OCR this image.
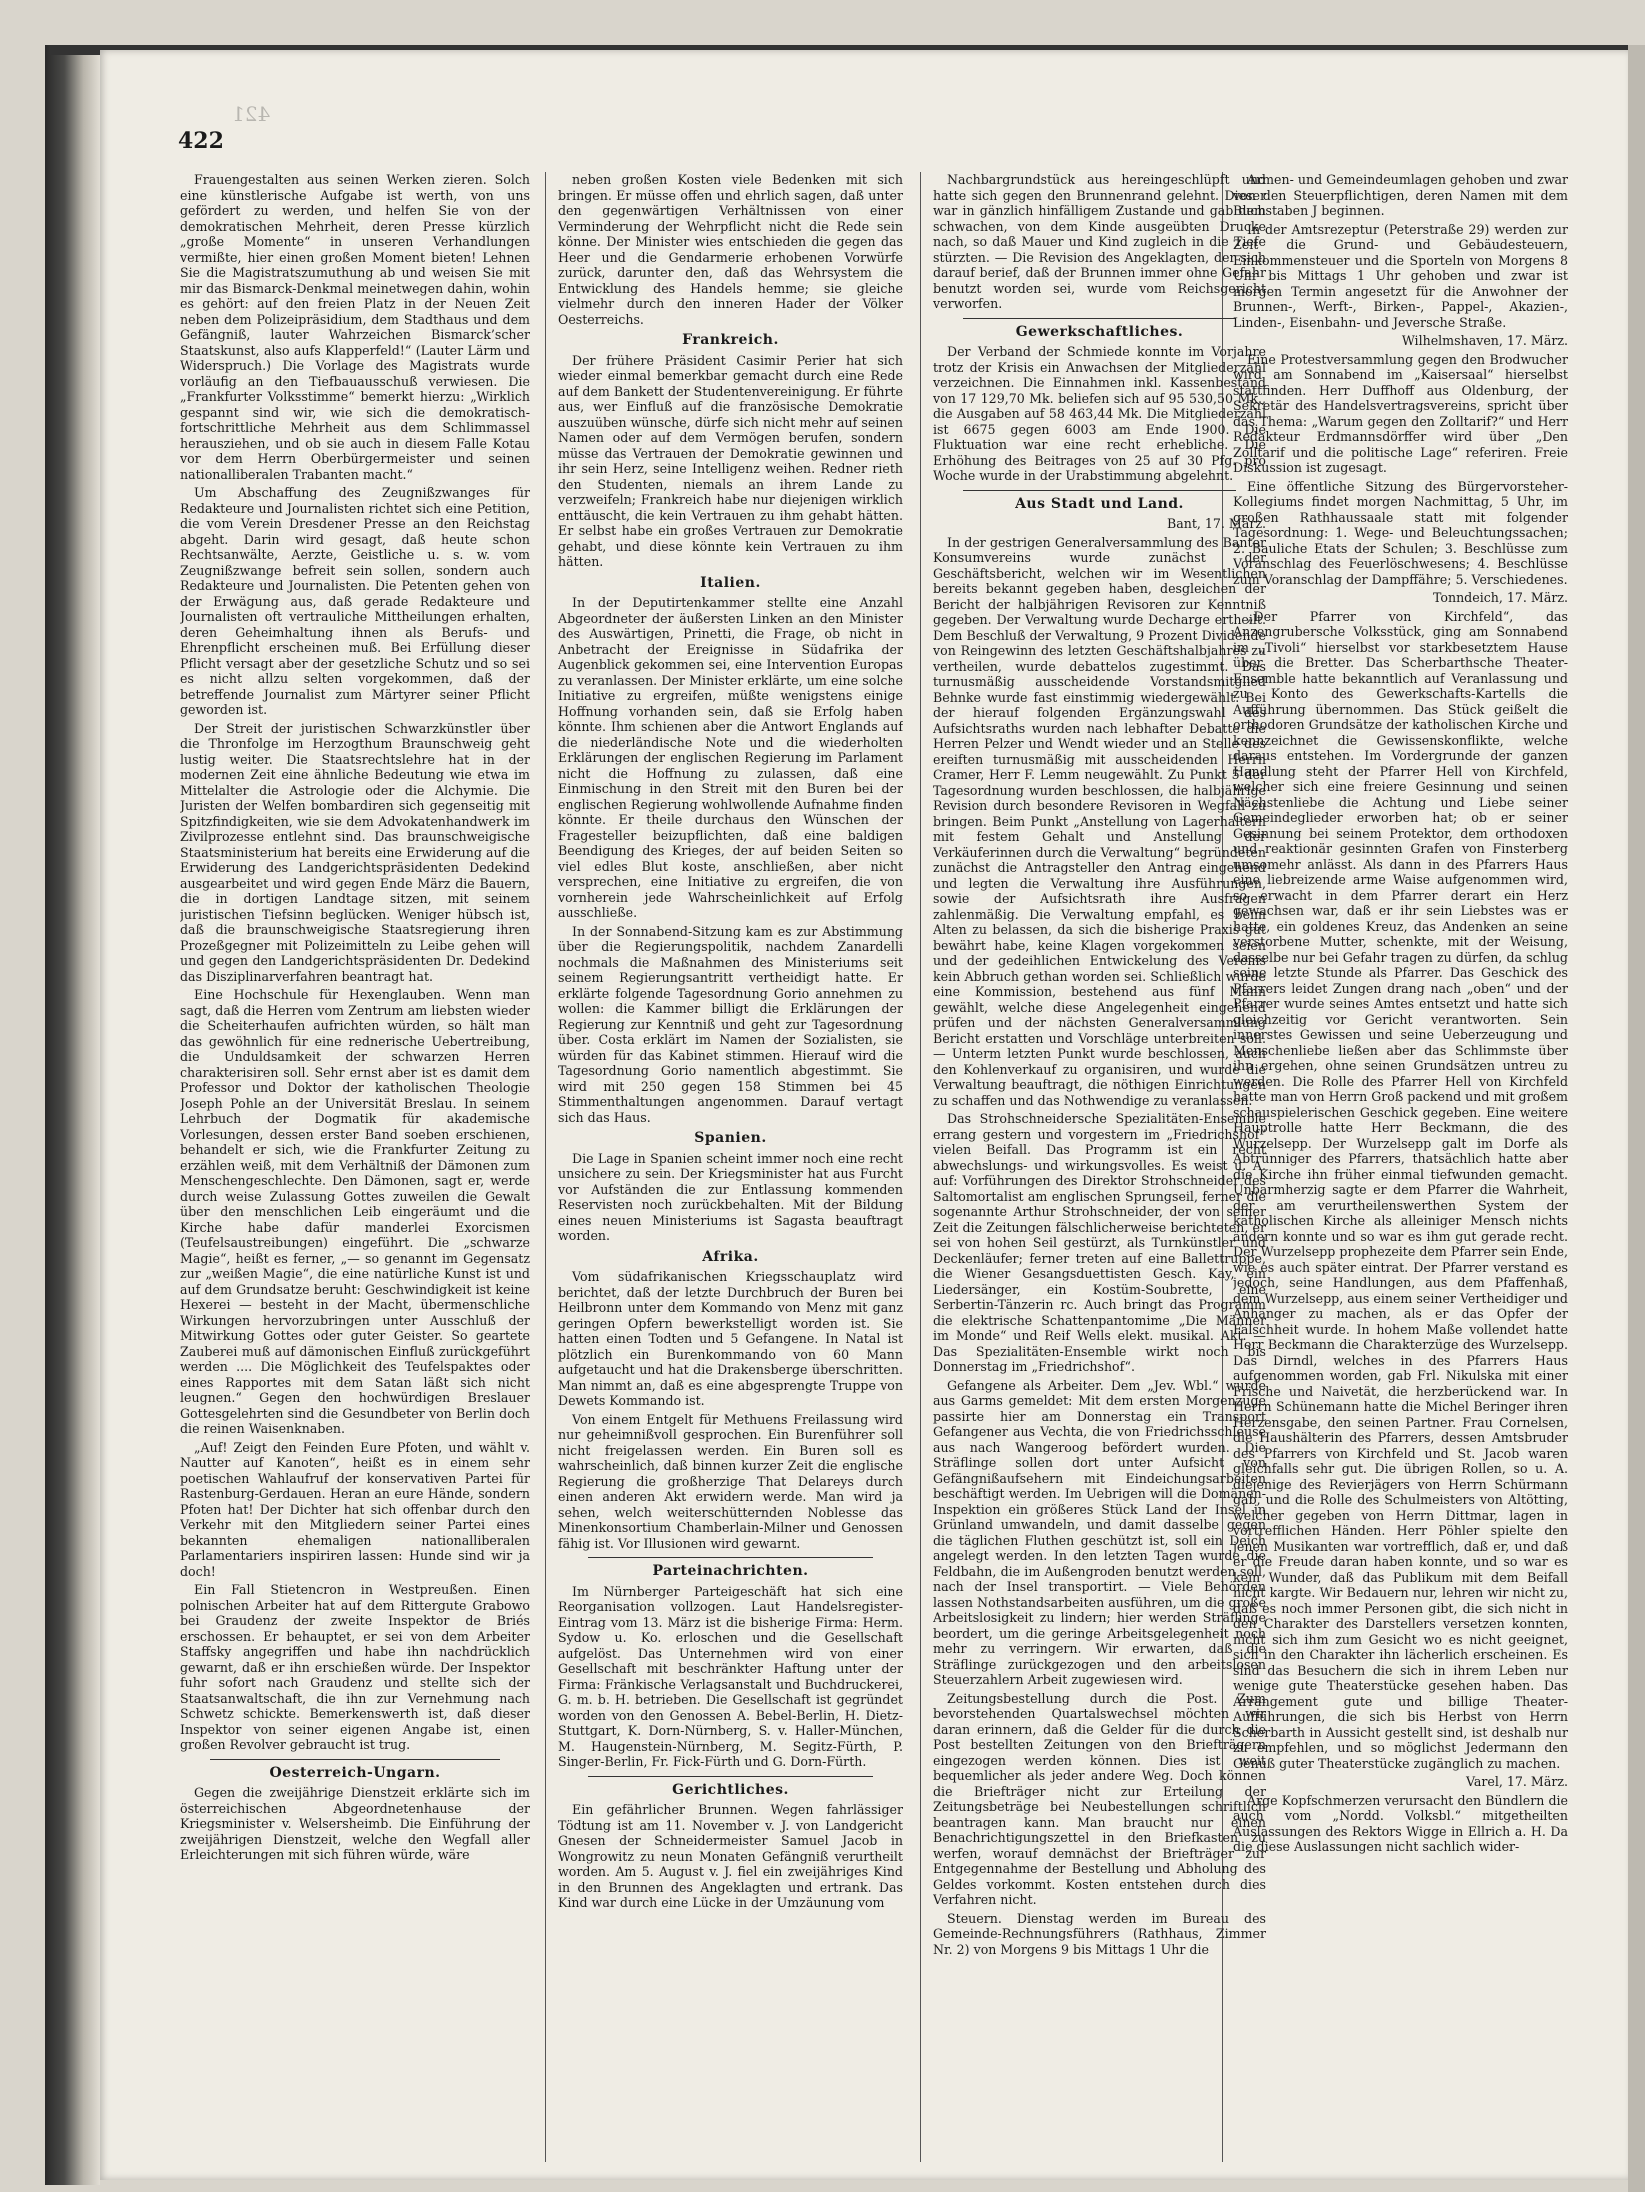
422
421

Frauengestalten aus seinen Werken zieren. Solch eine künstlerische Aufgabe ist werth, von uns gefördert zu werden, und helfen Sie von der demokratischen Mehrheit, deren Presse kürzlich „große Momente“ in unseren Verhandlungen vermißte, hier einen großen Moment bieten! Lehnen Sie die Magistratszumuthung ab und weisen Sie mit mir das Bismarck-Denkmal meinetwegen dahin, wohin es gehört: auf den freien Platz in der Neuen Zeit neben dem Polizeipräsidium, dem Stadthaus und dem Gefängniß, lauter Wahrzeichen Bismarck’scher Staatskunst, also aufs Klapperfeld!“ (Lauter Lärm und Widerspruch.) Die Vorlage des Magistrats wurde vorläufig an den Tiefbauausschuß verwiesen. Die „Frankfurter Volksstimme“ bemerkt hierzu: „Wirklich gespannt sind wir, wie sich die demokratisch-fortschrittliche Mehrheit aus dem Schlimmassel herausziehen, und ob sie auch in diesem Falle Kotau vor dem Herrn Oberbürgermeister und seinen nationalliberalen Trabanten macht.“

Um Abschaffung des Zeugnißzwanges für Redakteure und Journalisten richtet sich eine Petition, die vom Verein Dresdener Presse an den Reichstag abgeht. Darin wird gesagt, daß heute schon Rechtsanwälte, Aerzte, Geistliche u. s. w. vom Zeugnißzwange befreit sein sollen, sondern auch Redakteure und Journalisten. Die Petenten gehen von der Erwägung aus, daß gerade Redakteure und Journalisten oft vertrauliche Mittheilungen erhalten, deren Geheimhaltung ihnen als Berufs- und Ehrenpflicht erscheinen muß. Bei Erfüllung dieser Pflicht versagt aber der gesetzliche Schutz und so sei es nicht allzu selten vorgekommen, daß der betreffende Journalist zum Märtyrer seiner Pflicht geworden ist.

Der Streit der juristischen Schwarzkünstler über die Thronfolge im Herzogthum Braunschweig geht lustig weiter. Die Staatsrechtslehre hat in der modernen Zeit eine ähnliche Bedeutung wie etwa im Mittelalter die Astrologie oder die Alchymie. Die Juristen der Welfen bombardiren sich gegenseitig mit Spitzfindigkeiten, wie sie dem Advokatenhandwerk im Zivilprozesse entlehnt sind. Das braunschweigische Staatsministerium hat bereits eine Erwiderung auf die Erwiderung des Landgerichtspräsidenten Dedekind ausgearbeitet und wird gegen Ende März die Bauern, die in dortigen Landtage sitzen, mit seinem juristischen Tiefsinn beglücken. Weniger hübsch ist, daß die braunschweigische Staatsregierung ihren Prozeßgegner mit Polizeimitteln zu Leibe gehen will und gegen den Landgerichtspräsidenten Dr. Dedekind das Disziplinarverfahren beantragt hat.

Eine Hochschule für Hexenglauben. Wenn man sagt, daß die Herren vom Zentrum am liebsten wieder die Scheiterhaufen aufrichten würden, so hält man das gewöhnlich für eine rednerische Uebertreibung, die Unduldsamkeit der schwarzen Herren charakterisiren soll. Sehr ernst aber ist es damit dem Professor und Doktor der katholischen Theologie Joseph Pohle an der Universität Breslau. In seinem Lehrbuch der Dogmatik für akademische Vorlesungen, dessen erster Band soeben erschienen, behandelt er sich, wie die Frankfurter Zeitung zu erzählen weiß, mit dem Verhältniß der Dämonen zum Menschengeschlechte. Den Dämonen, sagt er, werde durch weise Zulassung Gottes zuweilen die Gewalt über den menschlichen Leib eingeräumt und die Kirche habe dafür manderlei Exorcismen (Teufelsaustreibungen) eingeführt. Die „schwarze Magie“, heißt es ferner, „— so genannt im Gegensatz zur „weißen Magie“, die eine natürliche Kunst ist und auf dem Grundsatze beruht: Geschwindigkeit ist keine Hexerei — besteht in der Macht, übermenschliche Wirkungen hervorzubringen unter Ausschluß der Mitwirkung Gottes oder guter Geister. So geartete Zauberei muß auf dämonischen Einfluß zurückgeführt werden .... Die Möglichkeit des Teufelspaktes oder eines Rapportes mit dem Satan läßt sich nicht leugnen.“ Gegen den hochwürdigen Breslauer Gottesgelehrten sind die Gesundbeter von Berlin doch die reinen Waisenknaben.

„Auf! Zeigt den Feinden Eure Pfoten, und wählt v. Nautter auf Kanoten“, heißt es in einem sehr poetischen Wahlaufruf der konservativen Partei für Rastenburg-Gerdauen. Heran an eure Hände, sondern Pfoten hat! Der Dichter hat sich offenbar durch den Verkehr mit den Mitgliedern seiner Partei eines bekannten ehemaligen nationalliberalen Parlamentariers inspiriren lassen: Hunde sind wir ja doch!

Ein Fall Stietencron in Westpreußen. Einen polnischen Arbeiter hat auf dem Rittergute Grabowo bei Graudenz der zweite Inspektor de Briés erschossen. Er behauptet, er sei von dem Arbeiter Staffsky angegriffen und habe ihn nachdrücklich gewarnt, daß er ihn erschießen würde. Der Inspektor fuhr sofort nach Graudenz und stellte sich der Staatsanwaltschaft, die ihn zur Vernehmung nach Schwetz schickte. Bemerkenswerth ist, daß dieser Inspektor von seiner eigenen Angabe ist, einen großen Revolver gebraucht ist trug.

Oesterreich-Ungarn.

Gegen die zweijährige Dienstzeit erklärte sich im österreichischen Abgeordnetenhause der Kriegsminister v. Welsersheimb. Die Einführung der zweijährigen Dienstzeit, welche den Wegfall aller Erleichterungen mit sich führen würde, wäre

neben großen Kosten viele Bedenken mit sich bringen. Er müsse offen und ehrlich sagen, daß unter den gegenwärtigen Verhältnissen von einer Verminderung der Wehrpflicht nicht die Rede sein könne. Der Minister wies entschieden die gegen das Heer und die Gendarmerie erhobenen Vorwürfe zurück, darunter den, daß das Wehrsystem die Entwicklung des Handels hemme; sie gleiche vielmehr durch den inneren Hader der Völker Oesterreichs.

Frankreich.

Der frühere Präsident Casimir Perier hat sich wieder einmal bemerkbar gemacht durch eine Rede auf dem Bankett der Studentenvereinigung. Er führte aus, wer Einfluß auf die französische Demokratie auszuüben wünsche, dürfe sich nicht mehr auf seinen Namen oder auf dem Vermögen berufen, sondern müsse das Vertrauen der Demokratie gewinnen und ihr sein Herz, seine Intelligenz weihen. Redner rieth den Studenten, niemals an ihrem Lande zu verzweifeln; Frankreich habe nur diejenigen wirklich enttäuscht, die kein Vertrauen zu ihm gehabt hätten. Er selbst habe ein großes Vertrauen zur Demokratie gehabt, und diese könnte kein Vertrauen zu ihm hätten.

Italien.

In der Deputirtenkammer stellte eine Anzahl Abgeordneter der äußersten Linken an den Minister des Auswärtigen, Prinetti, die Frage, ob nicht in Anbetracht der Ereignisse in Südafrika der Augenblick gekommen sei, eine Intervention Europas zu veranlassen. Der Minister erklärte, um eine solche Initiative zu ergreifen, müßte wenigstens einige Hoffnung vorhanden sein, daß sie Erfolg haben könnte. Ihm schienen aber die Antwort Englands auf die niederländische Note und die wiederholten Erklärungen der englischen Regierung im Parlament nicht die Hoffnung zu zulassen, daß eine Einmischung in den Streit mit den Buren bei der englischen Regierung wohlwollende Aufnahme finden könnte. Er theile durchaus den Wünschen der Fragesteller beizupflichten, daß eine baldigen Beendigung des Krieges, der auf beiden Seiten so viel edles Blut koste, anschließen, aber nicht versprechen, eine Initiative zu ergreifen, die von vornherein jede Wahrscheinlichkeit auf Erfolg ausschließe.

In der Sonnabend-Sitzung kam es zur Abstimmung über die Regierungspolitik, nachdem Zanardelli nochmals die Maßnahmen des Ministeriums seit seinem Regierungsantritt vertheidigt hatte. Er erklärte folgende Tagesordnung Gorio annehmen zu wollen: die Kammer billigt die Erklärungen der Regierung zur Kenntniß und geht zur Tagesordnung über. Costa erklärt im Namen der Sozialisten, sie würden für das Kabinet stimmen. Hierauf wird die Tagesordnung Gorio namentlich abgestimmt. Sie wird mit 250 gegen 158 Stimmen bei 45 Stimmenthaltungen angenommen. Darauf vertagt sich das Haus.

Spanien.

Die Lage in Spanien scheint immer noch eine recht unsichere zu sein. Der Kriegsminister hat aus Furcht vor Aufständen die zur Entlassung kommenden Reservisten noch zurückbehalten. Mit der Bildung eines neuen Ministeriums ist Sagasta beauftragt worden.

Afrika.

Vom südafrikanischen Kriegsschauplatz wird berichtet, daß der letzte Durchbruch der Buren bei Heilbronn unter dem Kommando von Menz mit ganz geringen Opfern bewerkstelligt worden ist. Sie hatten einen Todten und 5 Gefangene. In Natal ist plötzlich ein Burenkommando von 60 Mann aufgetaucht und hat die Drakensberge überschritten. Man nimmt an, daß es eine abgesprengte Truppe von Dewets Kommando ist.

Von einem Entgelt für Methuens Freilassung wird nur geheimnißvoll gesprochen. Ein Burenführer soll nicht freigelassen werden. Ein Buren soll es wahrscheinlich, daß binnen kurzer Zeit die englische Regierung die großherzige That Delareys durch einen anderen Akt erwidern werde. Man wird ja sehen, welch weiterschütternden Noblesse das Minenkonsortium Chamberlain-Milner und Genossen fähig ist. Vor Illusionen wird gewarnt.

Parteinachrichten.

Im Nürnberger Parteigeschäft hat sich eine Reorganisation vollzogen. Laut Handelsregister-Eintrag vom 13. März ist die bisherige Firma: Herm. Sydow u. Ko. erloschen und die Gesellschaft aufgelöst. Das Unternehmen wird von einer Gesellschaft mit beschränkter Haftung unter der Firma: Fränkische Verlagsanstalt und Buchdruckerei, G. m. b. H. betrieben. Die Gesellschaft ist gegründet worden von den Genossen A. Bebel-Berlin, H. Dietz-Stuttgart, K. Dorn-Nürnberg, S. v. Haller-München, M. Haugenstein-Nürnberg, M. Segitz-Fürth, P. Singer-Berlin, Fr. Fick-Fürth und G. Dorn-Fürth.

Gerichtliches.

Ein gefährlicher Brunnen. Wegen fahrlässiger Tödtung ist am 11. November v. J. von Landgericht Gnesen der Schneidermeister Samuel Jacob in Wongrowitz zu neun Monaten Gefängniß verurtheilt worden. Am 5. August v. J. fiel ein zweijähriges Kind in den Brunnen des Angeklagten und ertrank. Das Kind war durch eine Lücke in der Umzäunung vom

Nachbargrundstück aus hereingeschlüpft und hatte sich gegen den Brunnenrand gelehnt. Dieser war in gänzlich hinfälligem Zustande und gab dem schwachen, von dem Kinde ausgeübten Drucke nach, so daß Mauer und Kind zugleich in die Tiefe stürzten. — Die Revision des Angeklagten, der sich darauf berief, daß der Brunnen immer ohne Gefahr benutzt worden sei, wurde vom Reichsgericht verworfen.

Gewerkschaftliches.

Der Verband der Schmiede konnte im Vorjahre trotz der Krisis ein Anwachsen der Mitgliederzahl verzeichnen. Die Einnahmen inkl. Kassenbestand von 17 129,70 Mk. beliefen sich auf 95 530,50 Mk., die Ausgaben auf 58 463,44 Mk. Die Mitgliederzahl ist 6675 gegen 6003 am Ende 1900. Die Fluktuation war eine recht erhebliche. Die Erhöhung des Beitrages von 25 auf 30 Pfg. pro Woche wurde in der Urabstimmung abgelehnt.

Aus Stadt und Land.
Bant, 17. März.

In der gestrigen Generalversammlung des Banter Konsumvereins wurde zunächst der Geschäftsbericht, welchen wir im Wesentlichen bereits bekannt gegeben haben, desgleichen der Bericht der halbjährigen Revisoren zur Kenntniß gegeben. Der Verwaltung wurde Decharge ertheilt. Dem Beschluß der Verwaltung, 9 Prozent Dividende von Reingewinn des letzten Geschäftshalbjahres zu vertheilen, wurde debattelos zugestimmt. Das turnusmäßig ausscheidende Vorstandsmitglied Behnke wurde fast einstimmig wiedergewählt. Bei der hierauf folgenden Ergänzungswahl des Aufsichtsraths wurden nach lebhafter Debatte die Herren Pelzer und Wendt wieder und an Stelle des ereiften turnusmäßig mit ausscheidenden Herrn Cramer, Herr F. Lemm neugewählt. Zu Punkt 5 der Tagesordnung wurden beschlossen, die halbjährige Revision durch besondere Revisoren in Wegfall zu bringen. Beim Punkt „Anstellung von Lagerhaltern mit festem Gehalt und Anstellung der Verkäuferinnen durch die Verwaltung“ begründeten zunächst die Antragsteller den Antrag eingehend und legten die Verwaltung ihre Ausführungen, sowie der Aufsichtsrath ihre Ausfragen zahlenmäßig. Die Verwaltung empfahl, es beim Alten zu belassen, da sich die bisherige Praxis gut bewährt habe, keine Klagen vorgekommen seien und der gedeihlichen Entwickelung des Vereins kein Abbruch gethan worden sei. Schließlich wurde eine Kommission, bestehend aus fünf Mann gewählt, welche diese Angelegenheit eingehend prüfen und der nächsten Generalversammlung Bericht erstatten und Vorschläge unterbreiten soll. — Unterm letzten Punkt wurde beschlossen, auch den Kohlenverkauf zu organisiren, und wurde die Verwaltung beauftragt, die nöthigen Einrichtungen zu schaffen und das Nothwendige zu veranlassen.

Das Strohschneidersche Spezialitäten-Ensemble errang gestern und vorgestern im „Friedrichshof“ vielen Beifall. Das Programm ist ein recht abwechslungs- und wirkungsvolles. Es weist u. A. auf: Vorführungen des Direktor Strohschneider des Saltomortalist am englischen Sprungseil, ferner die sogenannte Arthur Strohschneider, der von seiner Zeit die Zeitungen fälschlicherweise berichteten, er sei von hohen Seil gestürzt, als Turnkünstler und Deckenläufer; ferner treten auf eine Ballettruppe, die Wiener Gesangsduettisten Gesch. Kay, ein Liedersänger, ein Kostüm-Soubrette, eine Serbertin-Tänzerin rc. Auch bringt das Programm die elektrische Schattenpantomime „Die Männer im Monde“ und Reif Wells elekt. musikal. Akt. — Das Spezialitäten-Ensemble wirkt noch bis Donnerstag im „Friedrichshof“.

Gefangene als Arbeiter. Dem „Jev. Wbl.“ wurde aus Garms gemeldet: Mit dem ersten Morgenzuge passirte hier am Donnerstag ein Transport Gefangener aus Vechta, die von Friedrichsschleuse aus nach Wangeroog befördert wurden. Die Sträflinge sollen dort unter Aufsicht von Gefängnißaufsehern mit Eindeichungsarbeiten beschäftigt werden. Im Uebrigen will die Domänen-Inspektion ein größeres Stück Land der Insel in Grünland umwandeln, und damit dasselbe gegen die täglichen Fluthen geschützt ist, soll ein Deich angelegt werden. In den letzten Tagen wurde die Feldbahn, die im Außengroden benutzt werden soll, nach der Insel transportirt. — Viele Behörden lassen Nothstandsarbeiten ausführen, um die große Arbeitslosigkeit zu lindern; hier werden Sträflinge beordert, um die geringe Arbeitsgelegenheit noch mehr zu verringern. Wir erwarten, daß die Sträflinge zurückgezogen und den arbeitslosen Steuerzahlern Arbeit zugewiesen wird.

Zeitungsbestellung durch die Post. Zum bevorstehenden Quartalswechsel möchten wir daran erinnern, daß die Gelder für die durch die Post bestellten Zeitungen von den Briefträgern eingezogen werden können. Dies ist weit bequemlicher als jeder andere Weg. Doch können die Briefträger nicht zur Erteilung der Zeitungsbeträge bei Neubestellungen schriftlich beantragen kann. Man braucht nur einen Benachrichtigungszettel in den Briefkasten zu werfen, worauf demnächst der Briefträger zur Entgegennahme der Bestellung und Abholung des Geldes vorkommt. Kosten entstehen durch dies Verfahren nicht.

Steuern. Dienstag werden im Bureau des Gemeinde-Rechnungsführers (Rathhaus, Zimmer Nr. 2) von Morgens 9 bis Mittags 1 Uhr die

Armen- und Gemeindeumlagen gehoben und zwar von den Steuerpflichtigen, deren Namen mit dem Buchstaben J beginnen.

In der Amtsrezeptur (Peterstraße 29) werden zur Zeit die Grund- und Gebäudesteuern, Einkommensteuer und die Sporteln von Morgens 8 Uhr bis Mittags 1 Uhr gehoben und zwar ist morgen Termin angesetzt für die Anwohner der Brunnen-, Werft-, Birken-, Pappel-, Akazien-, Linden-, Eisenbahn- und Jeversche Straße.

Wilhelmshaven, 17. März.

Eine Protestversammlung gegen den Brodwucher wird am Sonnabend im „Kaisersaal“ hierselbst stattfinden. Herr Duffhoff aus Oldenburg, der Sekretär des Handelsvertragsvereins, spricht über das Thema: „Warum gegen den Zolltarif?“ und Herr Redakteur Erdmannsdörffer wird über „Den Zolltarif und die politische Lage“ referiren. Freie Diskussion ist zugesagt.

Eine öffentliche Sitzung des Bürgervorsteher-Kollegiums findet morgen Nachmittag, 5 Uhr, im großen Rathhaussaale statt mit folgender Tagesordnung: 1. Wege- und Beleuchtungssachen; 2. Bauliche Etats der Schulen; 3. Beschlüsse zum Voranschlag des Feuerlöschwesens; 4. Beschlüsse zum Voranschlag der Dampffähre; 5. Verschiedenes.

Tonndeich, 17. März.

„Der Pfarrer von Kirchfeld“, das Anzengrubersche Volksstück, ging am Sonnabend im „Tivoli“ hierselbst vor starkbesetztem Hause über die Bretter. Das Scherbarthsche Theater-Ensemble hatte bekanntlich auf Veranlassung und zu Konto des Gewerkschafts-Kartells die Aufführung übernommen. Das Stück geißelt die orthodoren Grundsätze der katholischen Kirche und kennzeichnet die Gewissenskonflikte, welche daraus entstehen. Im Vordergrunde der ganzen Handlung steht der Pfarrer Hell von Kirchfeld, welcher sich eine freiere Gesinnung und seinen Nächstenliebe die Achtung und Liebe seiner Gemeindeglieder erworben hat; ob er seiner Gesinnung bei seinem Protektor, dem orthodoxen und reaktionär gesinnten Grafen von Finsterberg umsomehr anlässt. Als dann in des Pfarrers Haus eine liebreizende arme Waise aufgenommen wird, so erwacht in dem Pfarrer derart ein Herz gewachsen war, daß er ihr sein Liebstes was er hatte, ein goldenes Kreuz, das Andenken an seine verstorbene Mutter, schenkte, mit der Weisung, dasselbe nur bei Gefahr tragen zu dürfen, da schlug seine letzte Stunde als Pfarrer. Das Geschick des Pfarrers leidet Zungen drang nach „oben“ und der Pfarrer wurde seines Amtes entsetzt und hatte sich gleichzeitig vor Gericht verantworten. Sein innerstes Gewissen und seine Ueberzeugung und Menschenliebe ließen aber das Schlimmste über ihn ergehen, ohne seinen Grundsätzen untreu zu werden. Die Rolle des Pfarrer Hell von Kirchfeld hatte man von Herrn Groß packend und mit großem schauspielerischen Geschick gegeben. Eine weitere Hauptrolle hatte Herr Beckmann, die des Wurzelsepp. Der Wurzelsepp galt im Dorfe als Abtrünniger des Pfarrers, thatsächlich hatte aber die Kirche ihn früher einmal tiefwunden gemacht. Unbarmherzig sagte er dem Pfarrer die Wahrheit, der am verurtheilenswerthen System der katholischen Kirche als alleiniger Mensch nichts ändern konnte und so war es ihm gut gerade recht. Der Wurzelsepp prophezeite dem Pfarrer sein Ende, wie es auch später eintrat. Der Pfarrer verstand es jedoch, seine Handlungen, aus dem Pfaffenhaß, dem Wurzelsepp, aus einem seiner Vertheidiger und Anhänger zu machen, als er das Opfer der Falschheit wurde. In hohem Maße vollendet hatte Herr Beckmann die Charakterzüge des Wurzelsepp. Das Dirndl, welches in des Pfarrers Haus aufgenommen worden, gab Frl. Nikulska mit einer Frische und Naivetät, die herzberückend war. In Herrn Schünemann hatte die Michel Beringer ihren Herzensgabe, den seinen Partner. Frau Cornelsen, die Haushälterin des Pfarrers, dessen Amtsbruder des Pfarrers von Kirchfeld und St. Jacob waren gleichfalls sehr gut. Die übrigen Rollen, so u. A. diejenige des Revierjägers von Herrn Schürmann gab, und die Rolle des Schulmeisters von Altötting, welcher gegeben von Herrn Dittmar, lagen in vortrefflichen Händen. Herr Pöhler spielte den jenen Musikanten war vortrefflich, daß er, und daß er die Freude daran haben konnte, und so war es kein Wunder, daß das Publikum mit dem Beifall nicht kargte. Wir Bedauern nur, lehren wir nicht zu, daß es noch immer Personen gibt, die sich nicht in den Charakter des Darstellers versetzen konnten, nicht sich ihm zum Gesicht wo es nicht geeignet, sich in den Charakter ihn lächerlich erscheinen. Es sind das Besuchern die sich in ihrem Leben nur wenige gute Theaterstücke gesehen haben. Das Arrangement gute und billige Theater-Aufführungen, die sich bis Herbst von Herrn Scherbarth in Aussicht gestellt sind, ist deshalb nur zu empfehlen, und so möglichst Jedermann den Genuß guter Theaterstücke zugänglich zu machen.

Varel, 17. März.

Arge Kopfschmerzen verursacht den Bündlern die auch vom „Nordd. Volksbl.“ mitgetheilten Auslassungen des Rektors Wigge in Ellrich a. H. Da die diese Auslassungen nicht sachlich wider-
